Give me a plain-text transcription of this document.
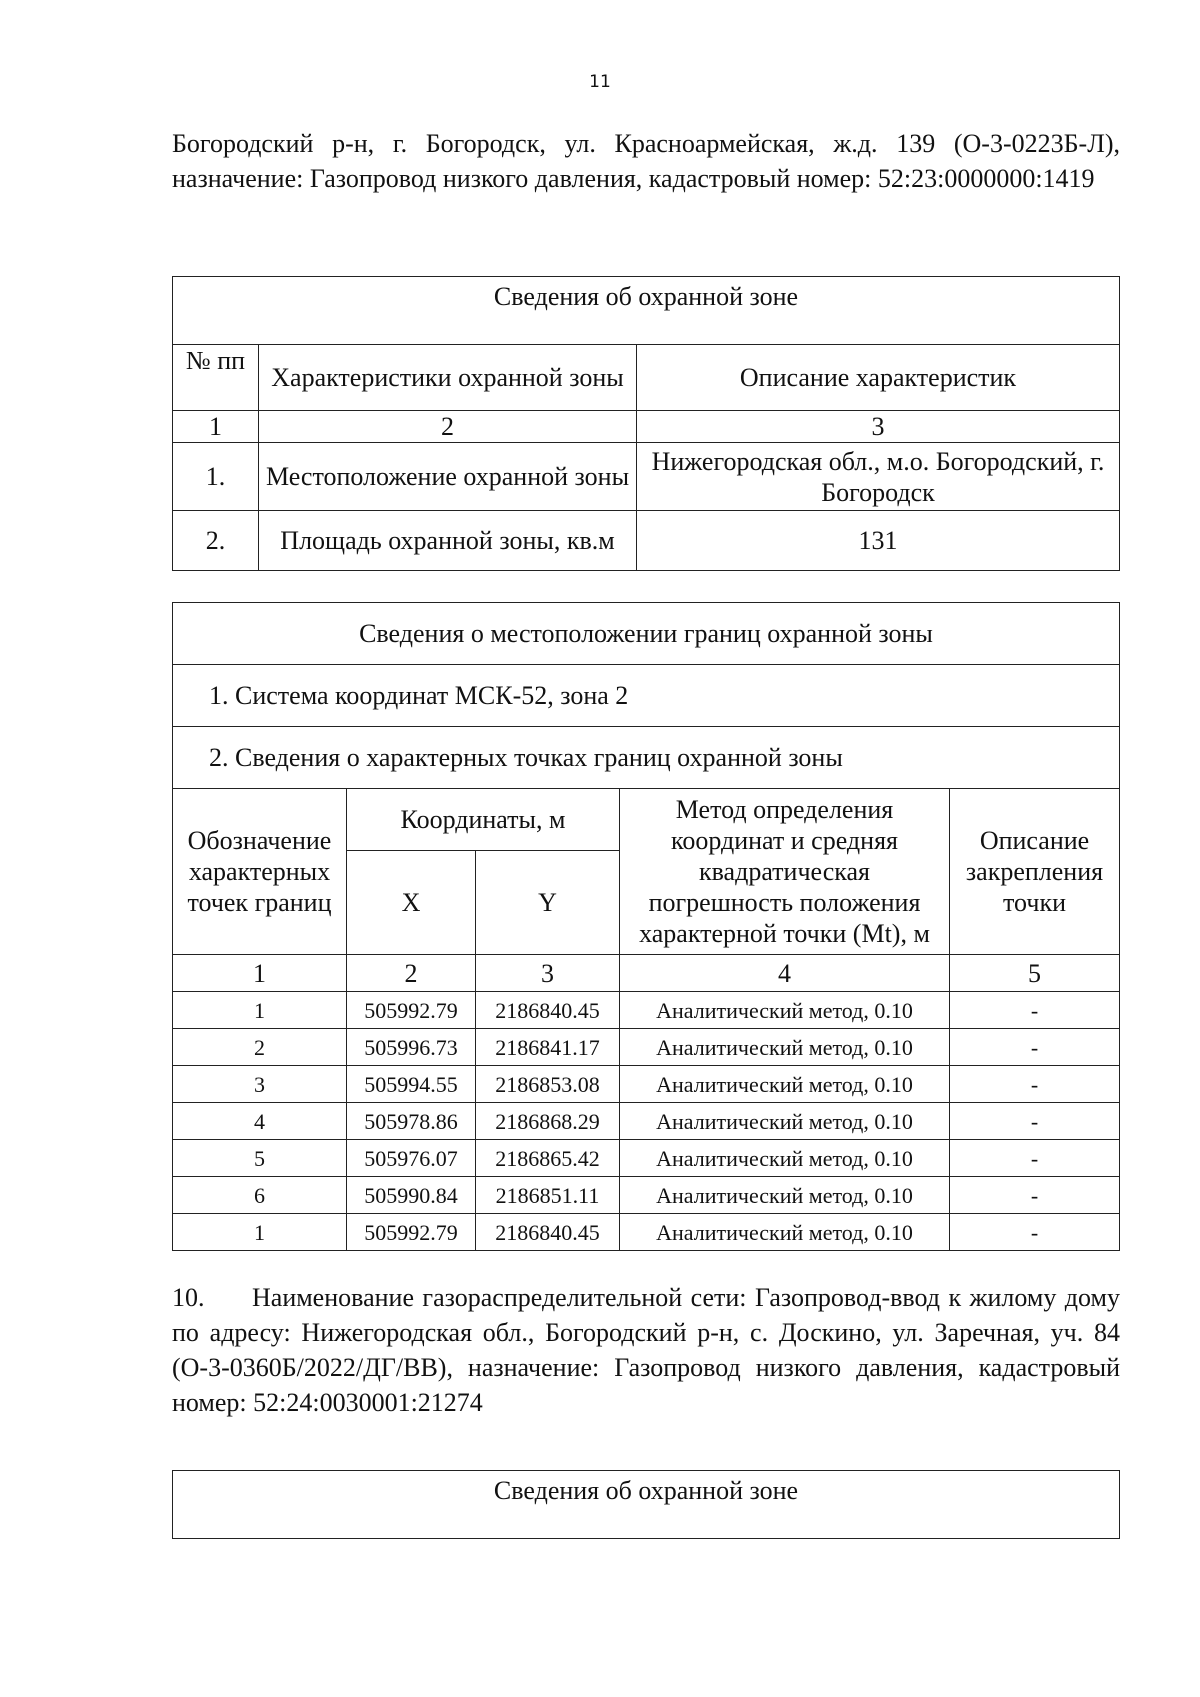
11

Богородский р-н, г. Богородск, ул. Красноармейская, ж.д. 139 (О-3-0223Б-Л), назначение: Газопровод низкого давления, кадастровый номер: 52:23:0000000:1419

Сведения об охранной зоне		
№ пп	Характеристики охранной зоны	Описание характеристик
1	2	3
1.	Местоположение охранной зоны	Нижегородская обл., м.о. Богородский, г. Богородск
2.	Площадь охранной зоны, кв.м	131
Сведения о местоположении границ охранной зоны				
1. Система координат МСК-52, зона 2				
2. Сведения о характерных точках границ охранной зоны				
Обозначение характерных точек границ	Координаты, м		Метод определения координат и средняя квадратическая погрешность положения характерной точки (Mt), м	Описание закрепления точки
	X	Y		
1	2	3	4	5
1	505992.79	2186840.45	Аналитический метод, 0.10	-
2	505996.73	2186841.17	Аналитический метод, 0.10	-
3	505994.55	2186853.08	Аналитический метод, 0.10	-
4	505978.86	2186868.29	Аналитический метод, 0.10	-
5	505976.07	2186865.42	Аналитический метод, 0.10	-
6	505990.84	2186851.11	Аналитический метод, 0.10	-
1	505992.79	2186840.45	Аналитический метод, 0.10	-

10. Наименование газораспределительной сети: Газопровод-ввод к жилому дому по адресу: Нижегородская обл., Богородский р-н, с. Доскино, ул. Заречная, уч. 84 (О-3-0360Б/2022/ДГ/ВВ), назначение: Газопровод низкого давления, кадастровый номер: 52:24:0030001:21274

Сведения об охранной зоне
